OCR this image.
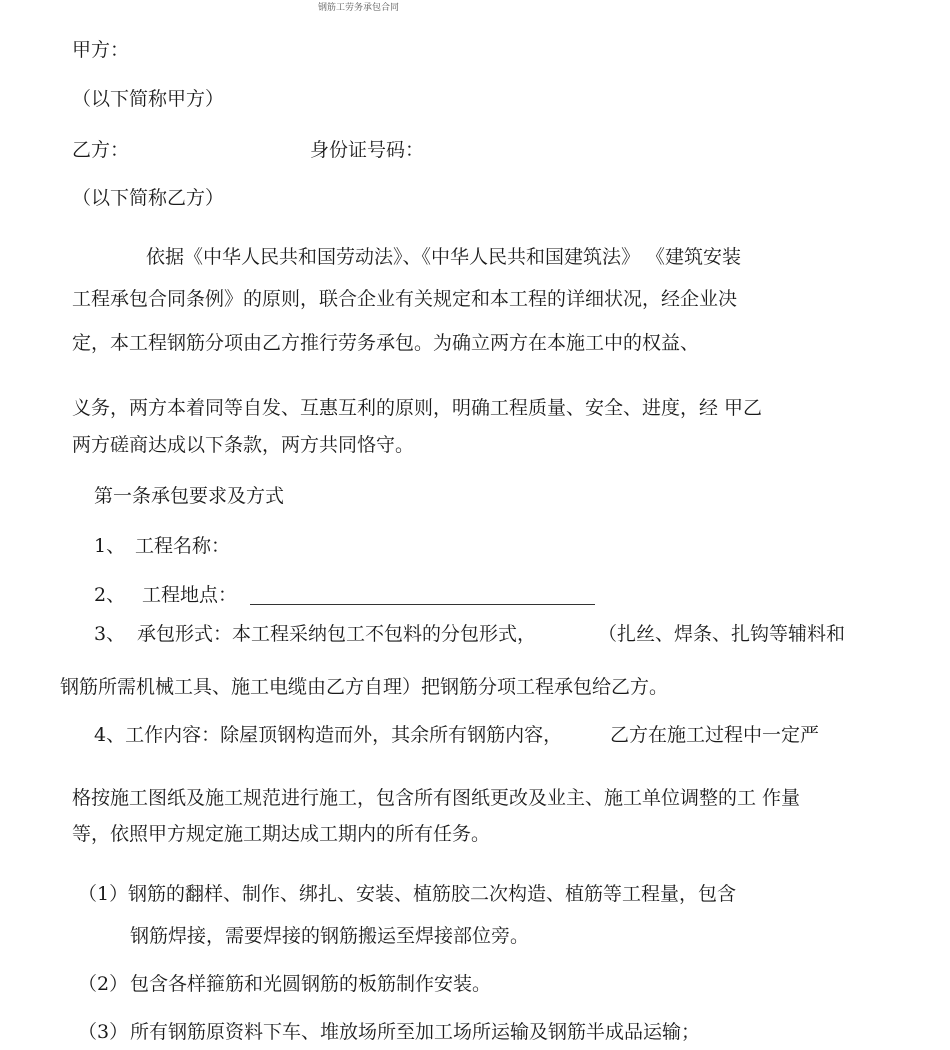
钢筋工劳务承包合同
甲方：
（以下简称甲方）
乙方：	身份证号码：
（以下简称乙方）
依据《中华人民共和国劳动法》、《中华人民共和国建筑法》 《建筑安装
工程承包合同条例》的原则，联合企业有关规定和本工程的详细状况，经企业决
定，本工程钢筋分项由乙方推行劳务承包。为确立两方在本施工中的权益、
义务，两方本着同等自发、互惠互利的原则，明确工程质量、安全、进度，经 甲乙
两方磋商达成以下条款，两方共同恪守。
第一条承包要求及方式
1、 工程名称：
2、 工程地点：
3、 承包形式：本工程采纳包工不包料的分包形式，	（扎丝、焊条、扎钩等辅料和
钢筋所需机械工具、施工电缆由乙方自理）把钢筋分项工程承包给乙方。
4、工作内容：除屋顶钢构造而外，其余所有钢筋内容，	乙方在施工过程中一定严
格按施工图纸及施工规范进行施工，包含所有图纸更改及业主、施工单位调整的工 作量
等，依照甲方规定施工期达成工期内的所有任务。
（1） 钢筋的翻样、制作、绑扎、安装、植筋胶二次构造、植筋等工程量，包含
钢筋焊接，需要焊接的钢筋搬运至焊接部位旁。
（2） 包含各样箍筋和光圆钢筋的板筋制作安装。
（3） 所有钢筋原资料下车、堆放场所至加工场所运输及钢筋半成品运输；
